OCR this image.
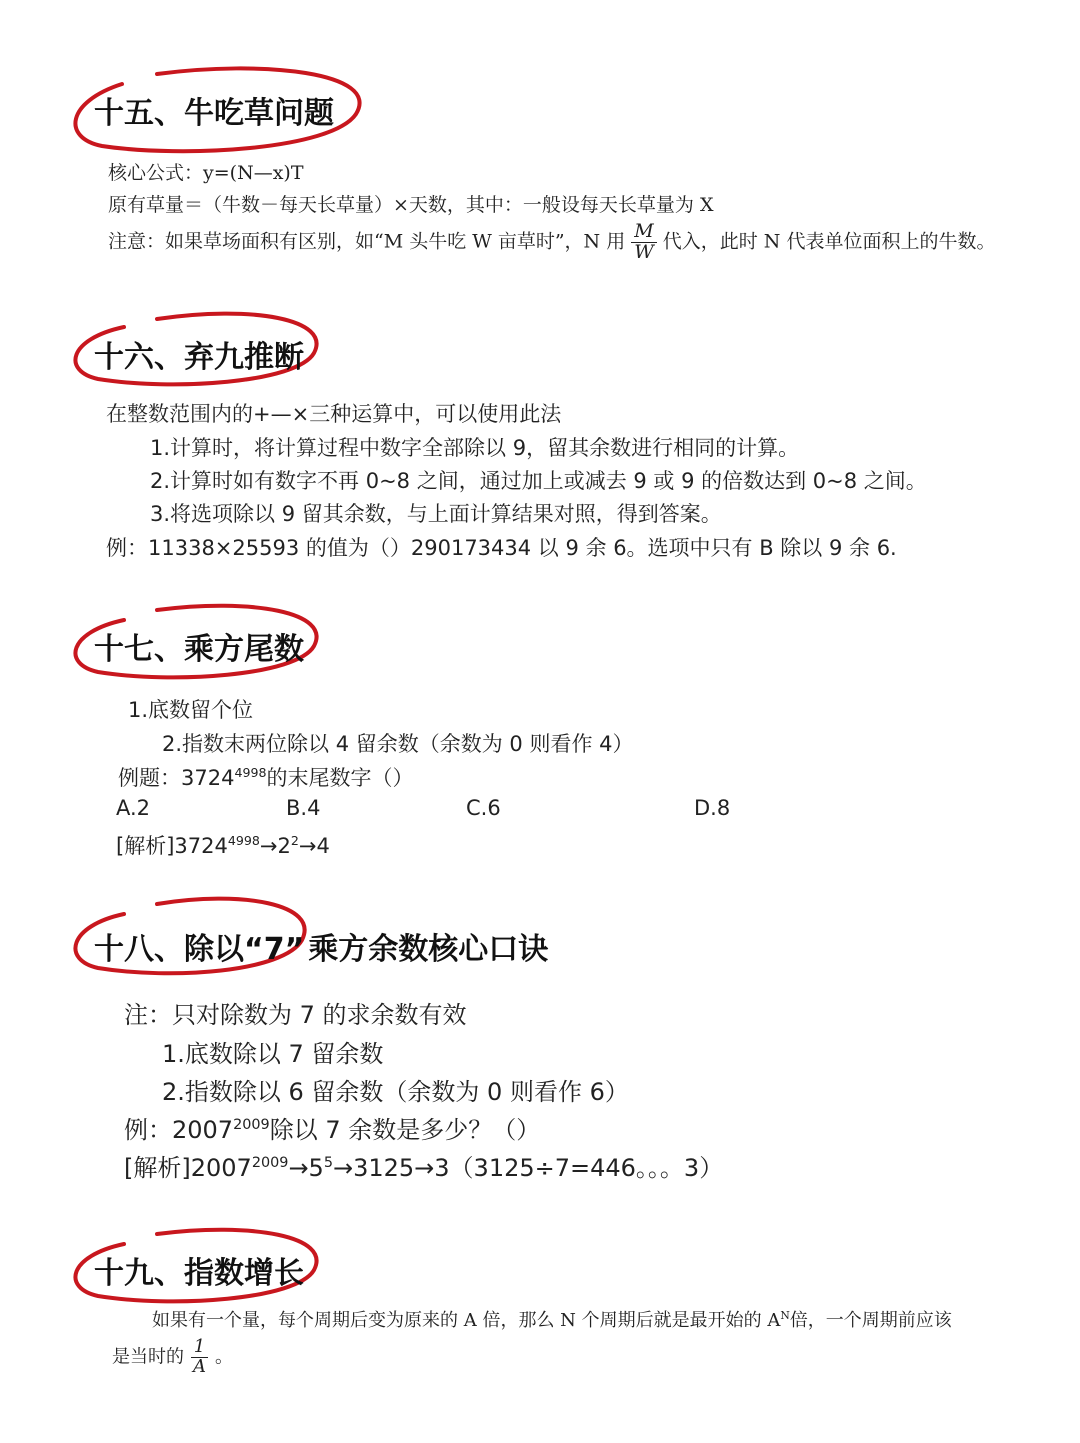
十五、牛吃草问题
核心公式：y=(N—x)T
原有草量＝（牛数－每天长草量）×天数，其中：一般设每天长草量为 X
注意：如果草场面积有区别，如“M 头牛吃 W 亩草时”，N 用 $\frac{M}{W}$ 代入，此时 N 代表单位面积上的牛数。
十六、弃九推断
在整数范围内的+—×三种运算中，可以使用此法
1.计算时，将计算过程中数字全部除以 9，留其余数进行相同的计算。
2.计算时如有数字不再 0~8 之间，通过加上或减去 9 或 9 的倍数达到 0~8 之间。
3.将选项除以 9 留其余数，与上面计算结果对照，得到答案。
例：11338×25593 的值为（）290173434 以 9 余 6。选项中只有 B 除以 9 余 6.
十七、乘方尾数
1.底数留个位
2.指数末两位除以 4 留余数（余数为 0 则看作 4）
例题：$3724^{4998}$的末尾数字（）
A.2	B.4	C.6	D.8
[解析]$3724^{4998}\to 2^2\to 4$
十八、除以“7” 乘方余数核心口诀
注：只对除数为 7 的求余数有效
1.底数除以 7 留余数
2.指数除以 6 留余数（余数为 0 则看作 6）
例：$2007^{2009}$除以 7 余数是多少？（）
[解析]$2007^{2009}\to 5^5\to 3125\to 3(3125\div 7=446$。。。3）
十九、指数增长
如果有一个量，每个周期后变为原来的 A 倍，那么 N 个周期后就是最开始的 $A^N$倍，一个周期前应该
是当时的 $\frac{1}{A}$ 。
